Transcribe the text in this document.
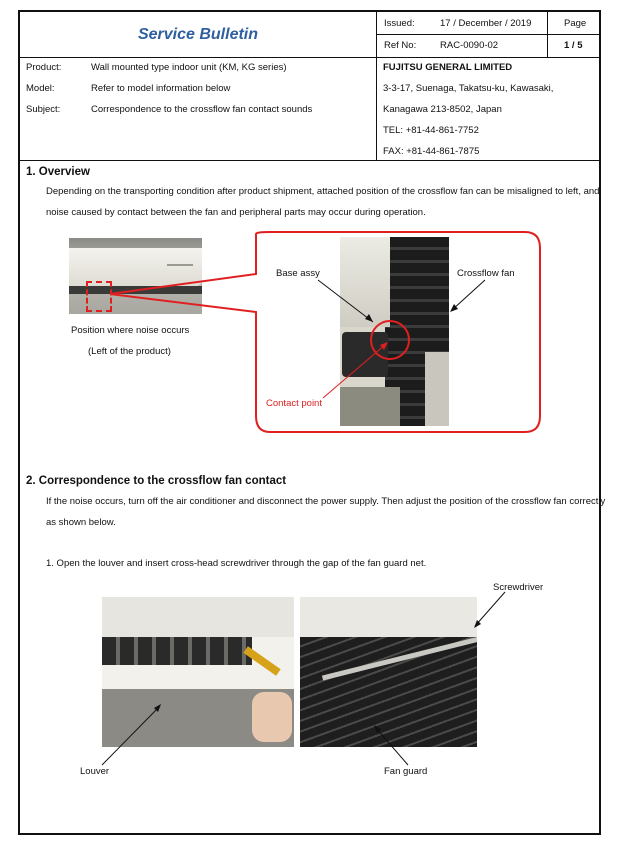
Service Bulletin
Issued:	17 / December / 2019	Page
Ref No:	RAC-0090-02	1 / 5
Product:	Wall mounted type indoor unit (KM, KG series)
Model:	Refer to model information below
Subject:	Correspondence to the crossflow fan contact sounds
FUJITSU GENERAL LIMITED
3-3-17, Suenaga, Takatsu-ku, Kawasaki,
Kanagawa 213-8502, Japan
TEL: +81-44-861-7752
FAX: +81-44-861-7875
1. Overview
Depending on the transporting condition after product shipment, attached position of the crossflow fan can be misaligned to left, and noise caused by contact between the fan and peripheral parts may occur during operation.
Position where noise occurs
(Left of the product)
Base assy	Crossflow fan
Contact point
2. Correspondence to the crossflow fan contact
If the noise occurs, turn off the air conditioner and disconnect the power supply. Then adjust the position of the crossflow fan correctly as shown below.
1. Open the louver and insert cross-head screwdriver through the gap of the fan guard net.
Screwdriver
Louver	Fan guard
